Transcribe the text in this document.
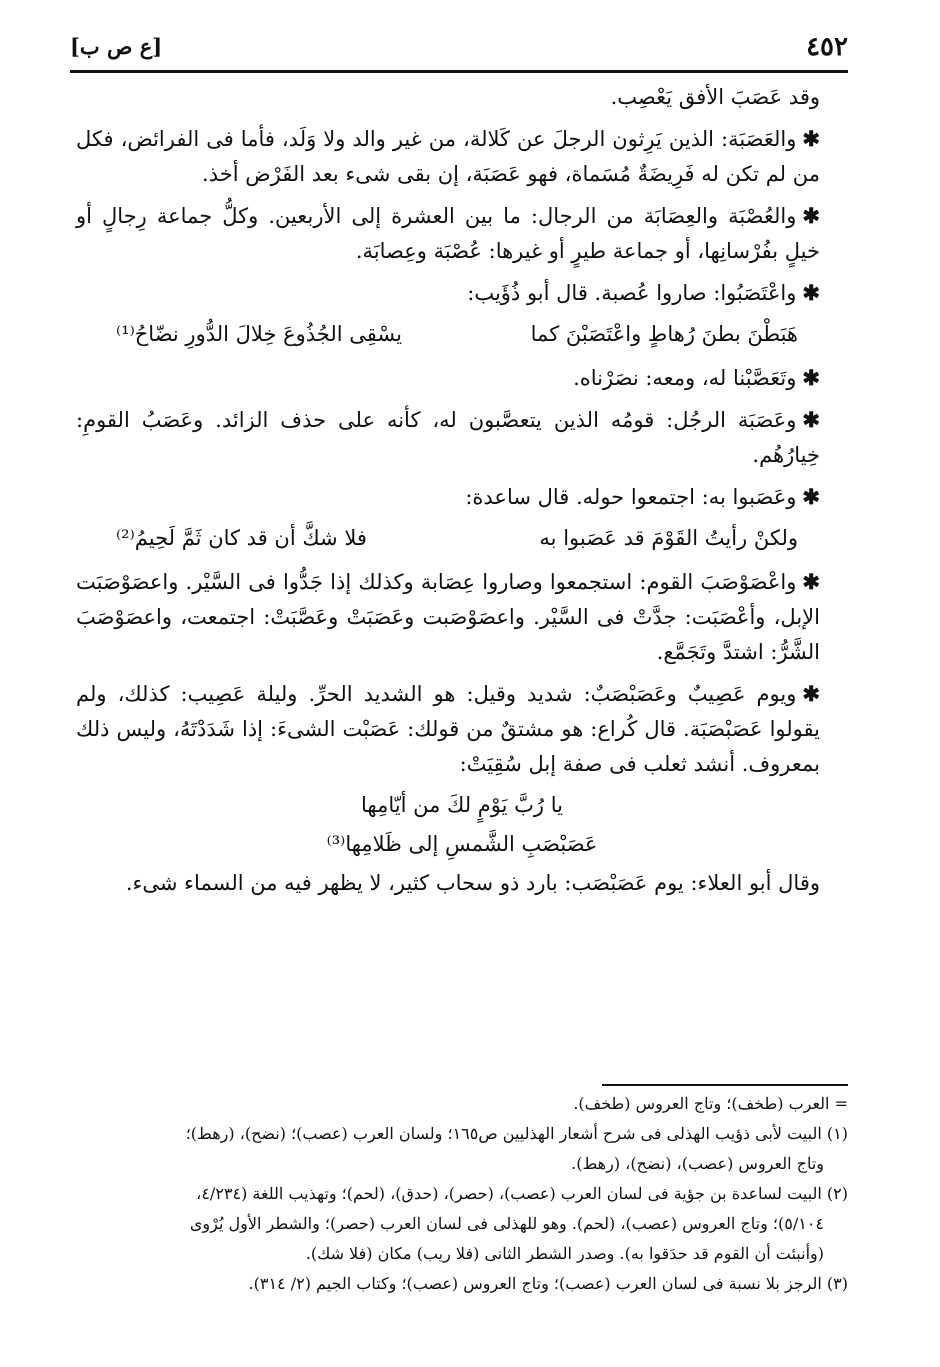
٤٥٢
[ع ص ب]

وقد عَصَبَ الأفق يَعْصِب.

✱والعَصَبَة: الذين يَرِثون الرجلَ عن كَلالة، من غير والد ولا وَلَد، فأما فى الفرائض، فكل من لم تكن له فَرِيضَةٌ مُسَماة، فهو عَصَبَة، إن بقى شىء بعد الفَرْض أخذ.

✱والعُصْبَة والعِصَابَة من الرجال: ما بين العشرة إلى الأربعين. وكلُّ جماعة رِجالٍ أو خيلٍ بفُرْسانِها، أو جماعة طيرٍ أو غيرها: عُصْبَة وعِصابَة.

✱واعْتَصَبُوا: صاروا عُصبة. قال أبو ذُؤَيب:

هَبَطْنَ بطنَ رُهاطٍ واعْتَصَبْنَ كما
يسْقِى الجُذُوعَ خِلالَ الدُّورِ نضّاحُ⁽¹⁾

✱وتَعَصَّبْنا له، ومعه: نصَرْناه.

✱وعَصَبَة الرجُل: قومُه الذين يتعصَّبون له، كأنه على حذف الزائد. وعَصَبُ القومِ: خِيارُهُم.

✱وعَصَبوا به: اجتمعوا حوله. قال ساعدة:

ولكنْ رأيتُ القَوْمَ قد عَصَبوا به
فلا شكَّ أن قد كان ثَمَّ لَحِيمُ⁽²⁾

✱واعْصَوْصَبَ القوم: استجمعوا وصاروا عِصَابة وكذلك إذا جَدُّوا فى السَّيْر. واعصَوْصَبَت الإبل، وأعْصَبَت: جدَّتْ فى السَّيْر. واعصَوْصَبت وعَصَبَتْ وعَصَّبَتْ: اجتمعت، واعصَوْصَبَ الشَّرُّ: اشتدَّ وتَجَمَّع.

✱ويوم عَصِيبٌ وعَصَبْصَبٌ: شديد وقيل: هو الشديد الحرِّ. وليلة عَصِيب: كذلك، ولم يقولوا عَصَبْصَبَة. قال كُراع: هو مشتقٌ من قولك: عَصَبْت الشىءَ: إذا شَدَدْتَهُ، وليس ذلك بمعروف. أنشد ثعلب فى صفة إبل سُقِيَتْ:

يا رُبَّ يَوْمٍ لكَ من أيّامِها
عَصَبْصَبِ الشَّمسِ إلى ظَلامِها⁽³⁾

وقال أبو العلاء: يوم عَصَبْصَب: بارد ذو سحاب كثير، لا يظهر فيه من السماء شىء.

= العرب (طخف)؛ وتاج العروس (طخف).

(١) البيت لأبى ذؤيب الهذلى فى شرح أشعار الهذليين ص١٦٥؛ ولسان العرب (عصب)؛ (نضح)، (رهط)؛

وتاج العروس (عصب)، (نضح)، (رهط).

(٢) البيت لساعدة بن جؤية فى لسان العرب (عصب)، (حصر)، (حدق)، (لحم)؛ وتهذيب اللغة (٤/٢٣٤،

٥/١٠٤)؛ وتاج العروس (عصب)، (لحم). وهو للهذلى فى لسان العرب (حصر)؛ والشطر الأول يُرْوى

(وأنبئت أن القوم قد حدَقوا به). وصدر الشطر الثانى (فلا ريب) مكان (فلا شك).

(٣) الرجز بلا نسبة فى لسان العرب (عصب)؛ وتاج العروس (عصب)؛ وكتاب الجيم (٢/ ٣١٤).
